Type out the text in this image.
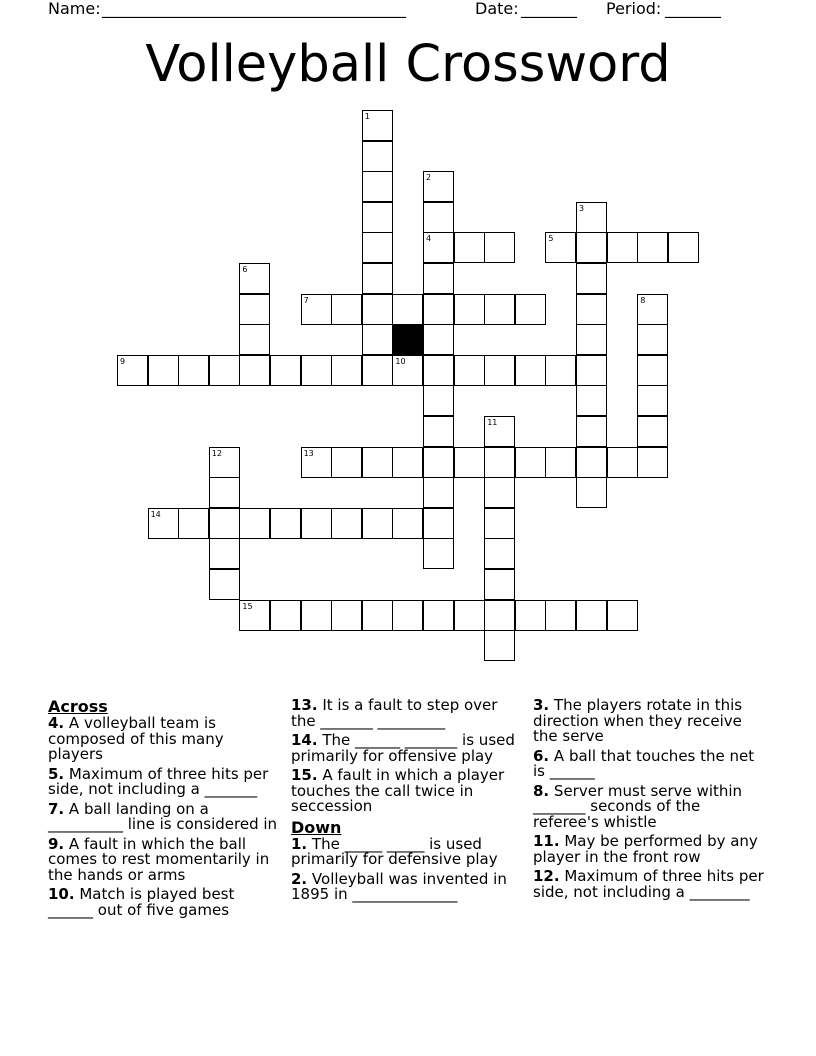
Name: ______________________________________	Date: _______ Period: _______
Volleyball Crossword
1
2
4
3
5
6
7	8
9	10
11
12	13
14
15
Across
4. A volleyball team is composed of this many players
5. Maximum of three hits per side, not including a _______
7. A ball landing on a __________ line is considered in
9. A fault in which the ball comes to rest momentarily in the hands or arms
10. Match is played best ______ out of five games
13. It is a fault to step over the _______ _________
14. The ______ _______ is used primarily for offensive play
15. A fault in which a player touches the call twice in seccession
Down
1. The _____ _____ is used primarily for defensive play
2. Volleyball was invented in 1895 in ______________
3. The players rotate in this direction when they receive the serve
6. A ball that touches the net is ______
8. Server must serve within _______ seconds of the referee's whistle
11. May be performed by any player in the front row
12. Maximum of three hits per side, not including a ________
